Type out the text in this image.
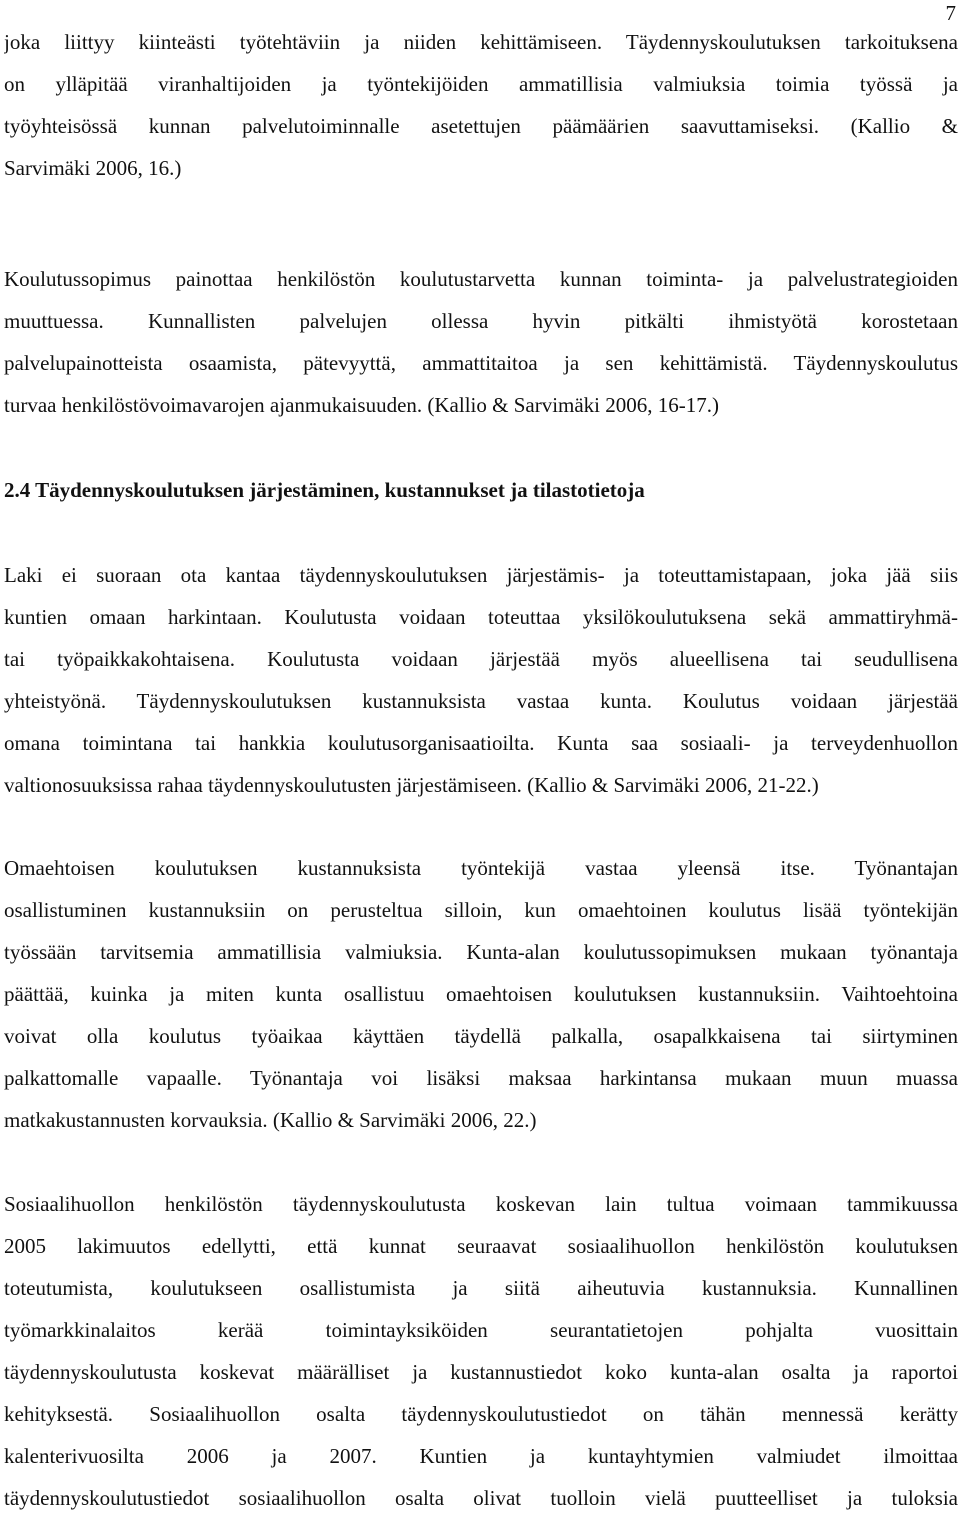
7
joka liittyy kiinteästi työtehtäviin ja niiden kehittämiseen. Täydennyskoulutuksen tarkoituksena
on ylläpitää viranhaltijoiden ja työntekijöiden ammatillisia valmiuksia toimia työssä ja
työyhteisössä kunnan palvelutoiminnalle asetettujen päämäärien saavuttamiseksi. (Kallio &
Sarvimäki 2006, 16.)
Koulutussopimus painottaa henkilöstön koulutustarvetta kunnan toiminta- ja palvelustrategioiden
muuttuessa. Kunnallisten palvelujen ollessa hyvin pitkälti ihmistyötä korostetaan
palvelupainotteista osaamista, pätevyyttä, ammattitaitoa ja sen kehittämistä. Täydennyskoulutus
turvaa henkilöstövoimavarojen ajanmukaisuuden. (Kallio & Sarvimäki 2006, 16-17.)
2.4 Täydennyskoulutuksen järjestäminen, kustannukset ja tilastotietoja
Laki ei suoraan ota kantaa täydennyskoulutuksen järjestämis- ja toteuttamistapaan, joka jää siis
kuntien omaan harkintaan. Koulutusta voidaan toteuttaa yksilökoulutuksena sekä ammattiryhmä-
tai työpaikkakohtaisena. Koulutusta voidaan järjestää myös alueellisena tai seudullisena
yhteistyönä. Täydennyskoulutuksen kustannuksista vastaa kunta. Koulutus voidaan järjestää
omana toimintana tai hankkia koulutusorganisaatioilta. Kunta saa sosiaali- ja terveydenhuollon
valtionosuuksissa rahaa täydennyskoulutusten järjestämiseen. (Kallio & Sarvimäki 2006, 21-22.)
Omaehtoisen koulutuksen kustannuksista työntekijä vastaa yleensä itse. Työnantajan
osallistuminen kustannuksiin on perusteltua silloin, kun omaehtoinen koulutus lisää työntekijän
työssään tarvitsemia ammatillisia valmiuksia. Kunta-alan koulutussopimuksen mukaan työnantaja
päättää, kuinka ja miten kunta osallistuu omaehtoisen koulutuksen kustannuksiin. Vaihtoehtoina
voivat olla koulutus työaikaa käyttäen täydellä palkalla, osapalkkaisena tai siirtyminen
palkattomalle vapaalle. Työnantaja voi lisäksi maksaa harkintansa mukaan muun muassa
matkakustannusten korvauksia. (Kallio & Sarvimäki 2006, 22.)
Sosiaalihuollon henkilöstön täydennyskoulutusta koskevan lain tultua voimaan tammikuussa
2005 lakimuutos edellytti, että kunnat seuraavat sosiaalihuollon henkilöstön koulutuksen
toteutumista, koulutukseen osallistumista ja siitä aiheutuvia kustannuksia. Kunnallinen
työmarkkinalaitos kerää toimintayksiköiden seurantatietojen pohjalta vuosittain
täydennyskoulutusta koskevat määrälliset ja kustannustiedot koko kunta-alan osalta ja raportoi
kehityksestä. Sosiaalihuollon osalta täydennyskoulutustiedot on tähän mennessä kerätty
kalenterivuosilta 2006 ja 2007. Kuntien ja kuntayhtymien valmiudet ilmoittaa
täydennyskoulutustiedot sosiaalihuollon osalta olivat tuolloin vielä puutteelliset ja tuloksia
